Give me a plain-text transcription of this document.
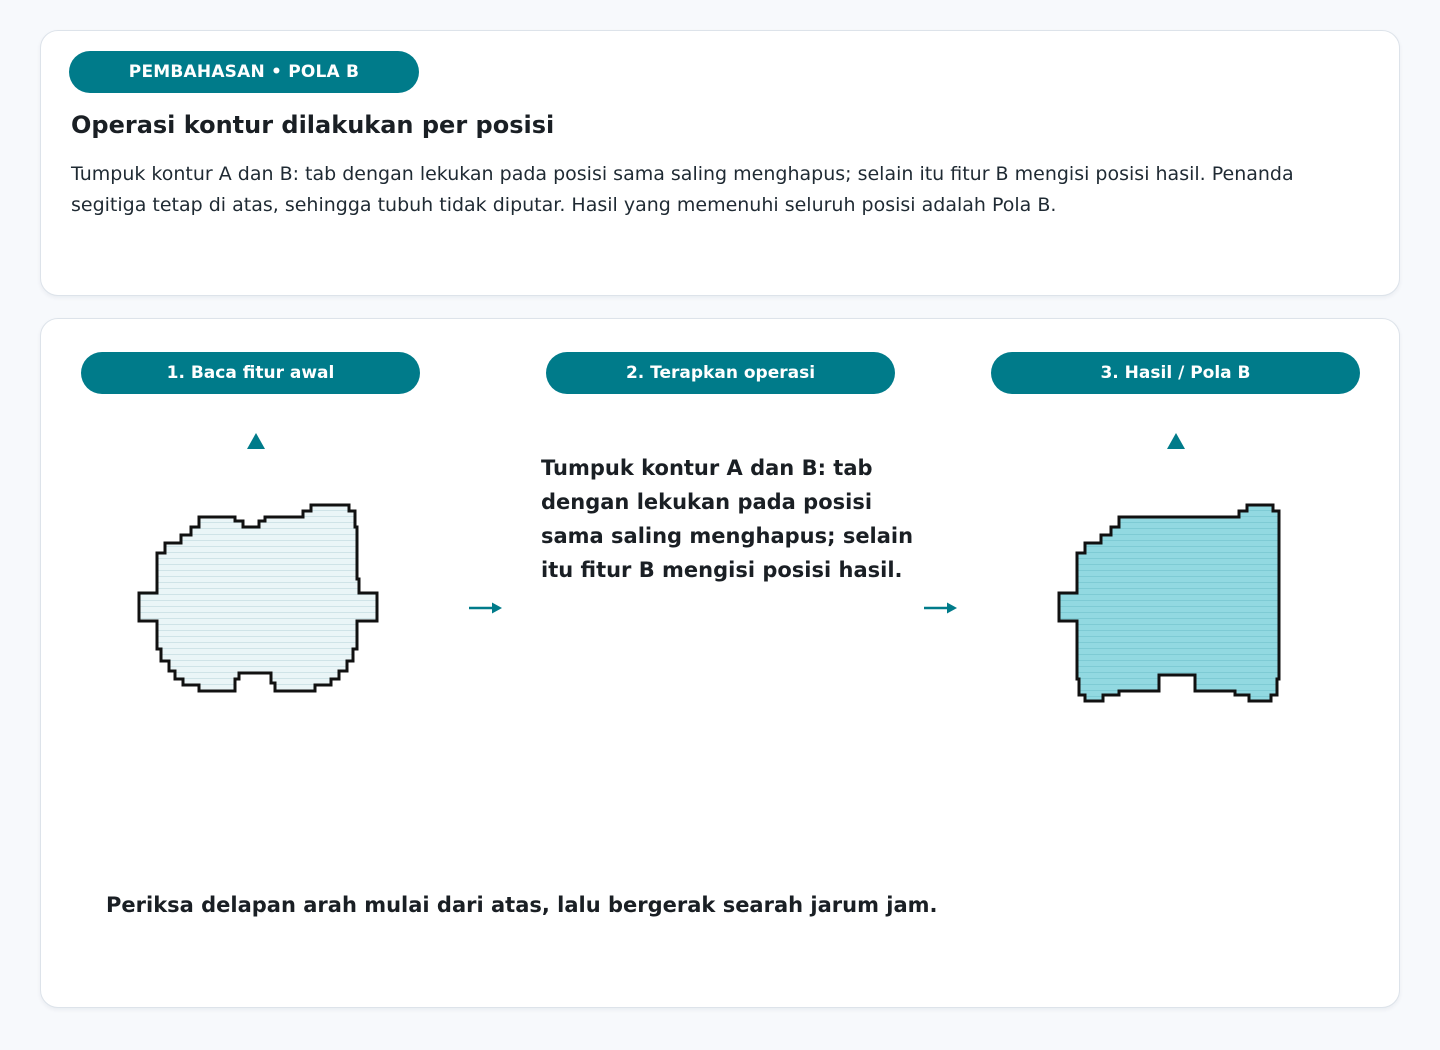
PEMBAHASAN • POLA B
Operasi kontur dilakukan per posisi

Tumpuk kontur A dan B: tab dengan lekukan pada posisi sama saling menghapus; selain itu fitur B mengisi posisi hasil. Penanda segitiga tetap di atas, sehingga tubuh tidak diputar. Hasil yang memenuhi seluruh posisi adalah Pola B.

1. Baca fitur awal	2. Terapkan operasi	3. Hasil / Pola B

Tumpuk kontur A dan B: tab dengan lekukan pada posisi sama saling menghapus; selain itu fitur B mengisi posisi hasil.

Periksa delapan arah mulai dari atas, lalu bergerak searah jarum jam.
